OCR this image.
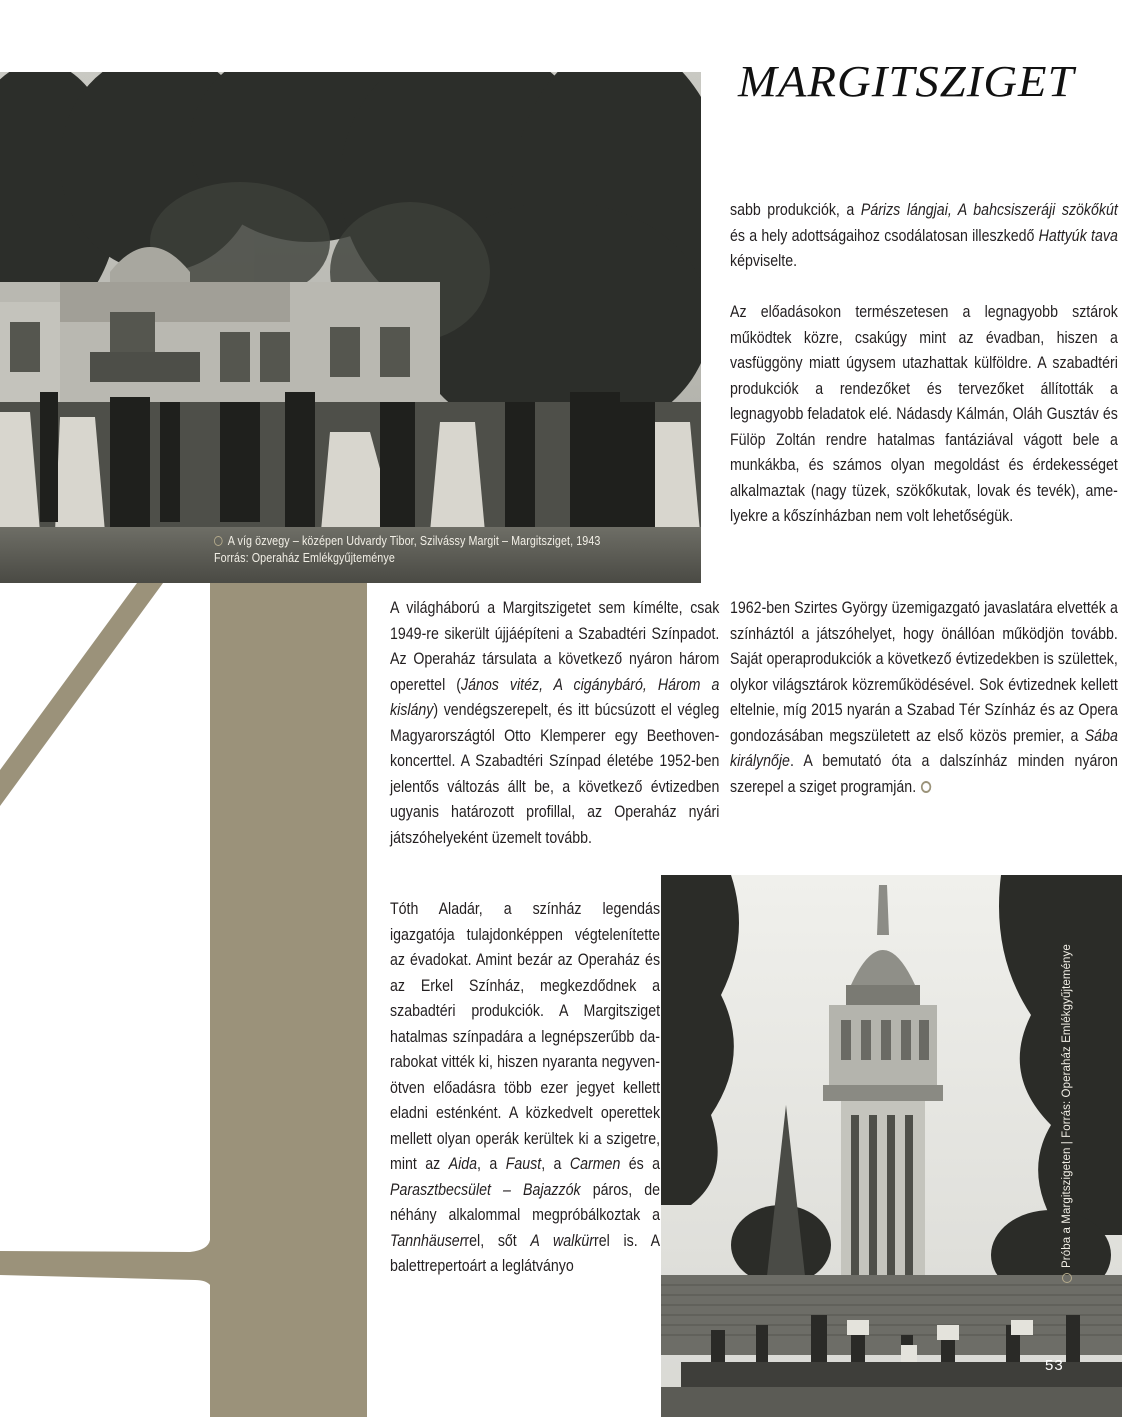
A víg özvegy – középen Udvardy Tibor, Szilvássy Margit – Margitsziget, 1943
Forrás: Operaház Emlékgyűjteménye
Próba a Margitszigeten | Forrás: Operaház Emlékgyűjteménye
53
MARGITSZIGET

sabb produkciók, a Párizs lángjai, A bahcsiszeráji szökőkút és a hely adottságaihoz csodálatosan illeszkedő Hattyúk tava képviselte.

Az előadásokon természetesen a legnagyobb sztárok működtek közre, csakúgy mint az évadban, hiszen a vasfüggöny miatt úgysem utazhattak külföldre. A szabadtéri produkciók a rendezőket és tervezőket állították a legnagyobb feladatok elé. Nádasdy Kálmán, Oláh Gusztáv és Fülöp Zoltán rendre hatalmas fantáziával vágott bele a munkákba, és számos olyan megoldást és érdekességet alkalmaztak (nagy tüzek, szökőkutak, lovak és tevék), amelyekre a kőszínházban nem volt lehetőségük.

A világháború a Margitszigetet sem kímélte, csak 1949-re sikerült újjáépíteni a Szabadtéri Színpadot. Az Operaház társulata a következő nyáron három operettel (János vitéz, A cigánybáró, Három a kislány) vendégszerepelt, és itt búcsúzott el végleg Magyarországtól Otto Klemperer egy Beethoven-koncerttel. A Szabadtéri Színpad életébe 1952-ben jelentős változás állt be, a következő évtizedben ugyanis határozott profillal, az Operaház nyári játszóhelyeként üzemelt tovább.

1962-ben Szirtes György üzemigazgató javaslatára elvették a színháztól a játszóhelyet, hogy önállóan működjön tovább. Saját operaprodukciók a következő évtizedekben is születtek, olykor világsztárok közreműködésével. Sok évtizednek kellett eltelnie, míg 2015 nyarán a Szabad Tér Színház és az Opera gondozásában megszületett az első közös premier, a Sába királynője. A bemutató óta a dalszínház minden nyáron szerepel a sziget programján.

Tóth Aladár, a színház legendás igazgatója tulajdonképpen végtelenítette az évadokat. Amint bezár az Operaház és az Erkel Színház, megkezdődnek a szabadtéri produkciók. A Margitsziget hatalmas színpadára a legnépszerűbb darabokat vitték ki, hiszen nyaranta negyven-ötven előadásra több ezer jegyet kellett eladni esténként. A közkedvelt operettek mellett olyan operák kerültek ki a szigetre, mint az Aida, a Faust, a Carmen és a Parasztbecsület – Bajazzók páros, de néhány alkalommal megpróbálkoztak a Tannhäuserrel, sőt A walkürrel is. A balettrepertoárt a leglátványo
